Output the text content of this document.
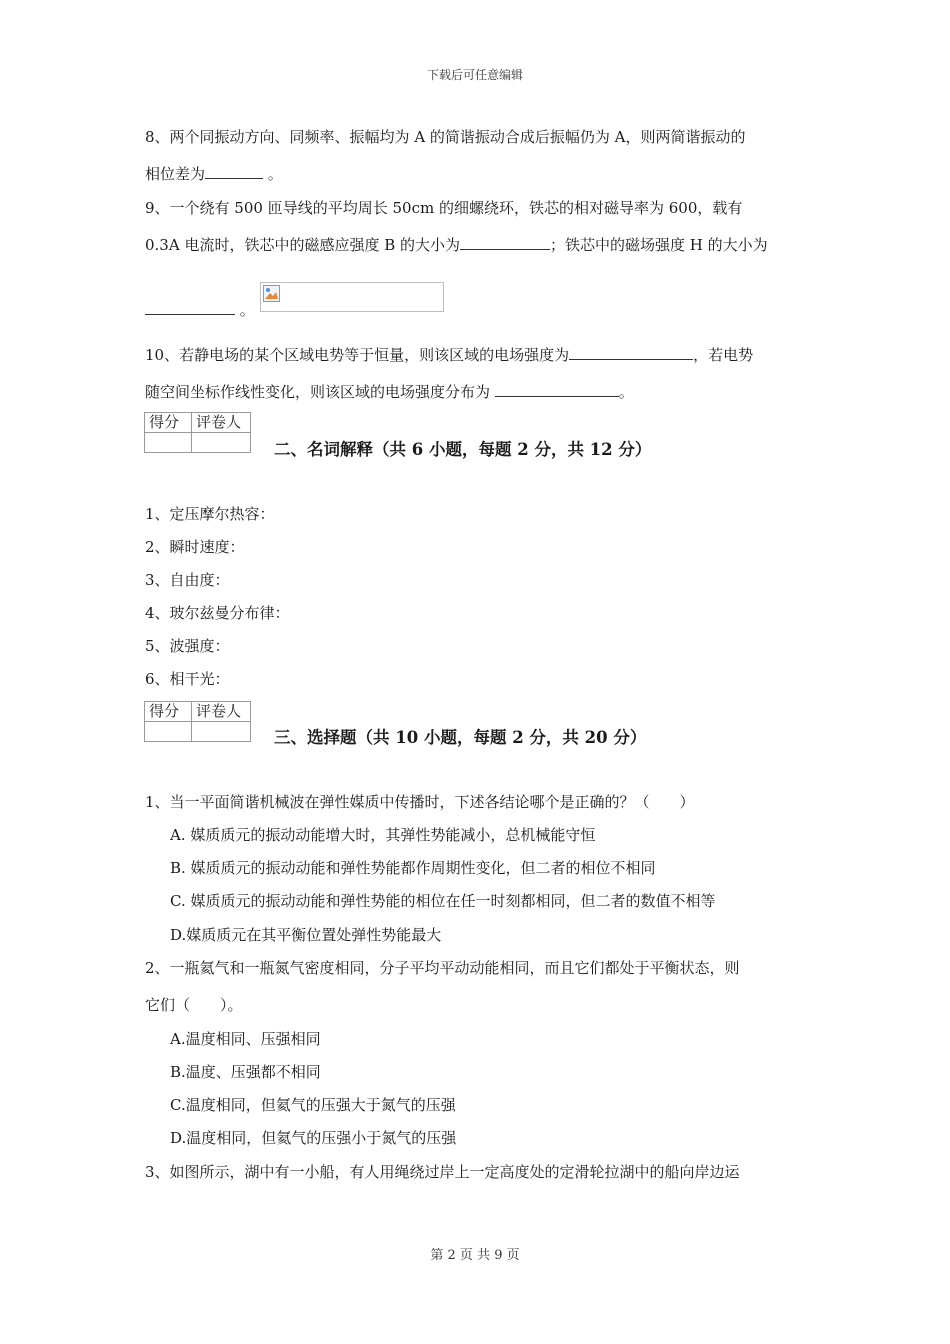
下载后可任意编辑
8、两个同振动方向、同频率、振幅均为 A 的简谐振动合成后振幅仍为 A，则两简谐振动的
相位差为	。
9、一个绕有 500 匝导线的平均周长 50cm 的细螺绕环，铁芯的相对磁导率为 600，载有
0.3A 电流时，铁芯中的磁感应强度 B 的大小为	；铁芯中的磁场强度 H 的大小为
。
10、若静电场的某个区域电势等于恒量，则该区域的电场强度为	，若电势
随空间坐标作线性变化，则该区域的电场强度分布为	。
得分	评卷人

二、名词解释（共 6 小题，每题 2 分，共 12 分）
1、定压摩尔热容：
2、瞬时速度：
3、自由度：
4、玻尔兹曼分布律：
5、波强度：
6、相干光：
得分	评卷人

三、选择题（共 10 小题，每题 2 分，共 20 分）
1、当一平面简谐机械波在弹性媒质中传播时，下述各结论哪个是正确的？（　　）
A. 媒质质元的振动动能增大时，其弹性势能减小，总机械能守恒
B. 媒质质元的振动动能和弹性势能都作周期性变化，但二者的相位不相同
C. 媒质质元的振动动能和弹性势能的相位在任一时刻都相同，但二者的数值不相等
D.媒质质元在其平衡位置处弹性势能最大
2、一瓶氦气和一瓶氮气密度相同，分子平均平动动能相同，而且它们都处于平衡状态，则
它们（　　）。
A.温度相同、压强相同
B.温度、压强都不相同
C.温度相同，但氦气的压强大于氮气的压强
D.温度相同，但氦气的压强小于氮气的压强
3、如图所示，湖中有一小船，有人用绳绕过岸上一定高度处的定滑轮拉湖中的船向岸边运
第 2 页 共 9 页
